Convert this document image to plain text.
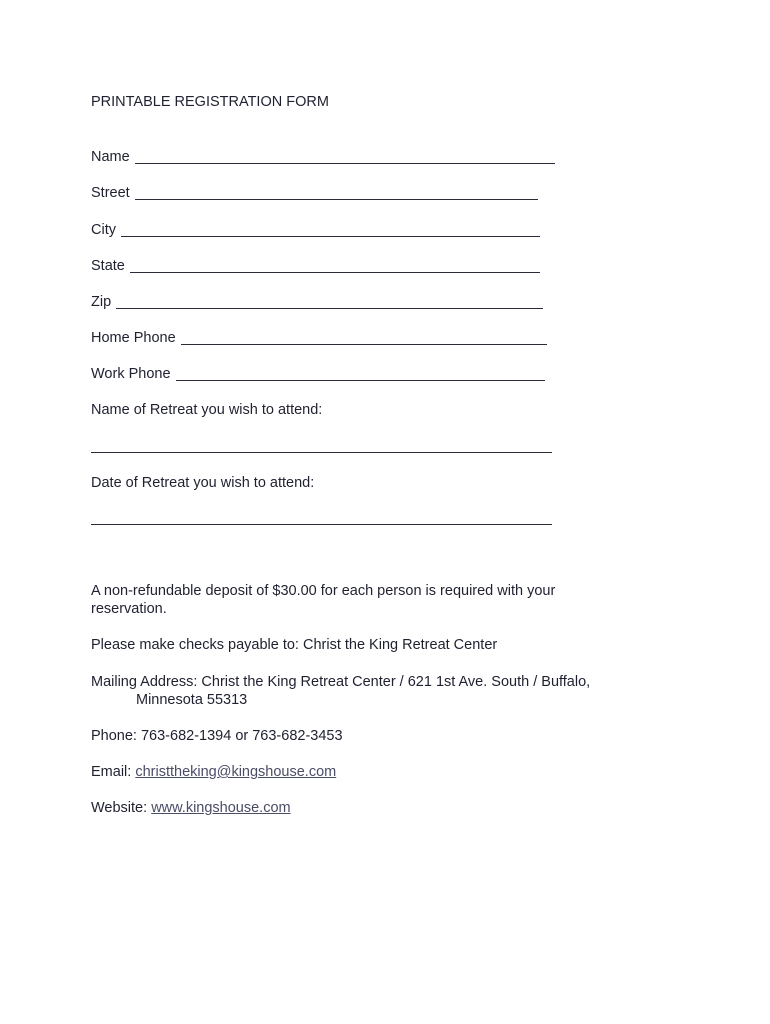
PRINTABLE REGISTRATION FORM
Name
Street
City
State
Zip
Home Phone
Work Phone
Name of Retreat you wish to attend:
Date of Retreat you wish to attend:
A non-refundable deposit of $30.00 for each person is required with your
reservation.
Please make checks payable to: Christ the King Retreat Center
Mailing Address: Christ the King Retreat Center / 621 1st Ave. South / Buffalo,
Minnesota 55313
Phone: 763-682-1394 or 763-682-3453
Email: christtheking@kingshouse.com
Website: www.kingshouse.com
